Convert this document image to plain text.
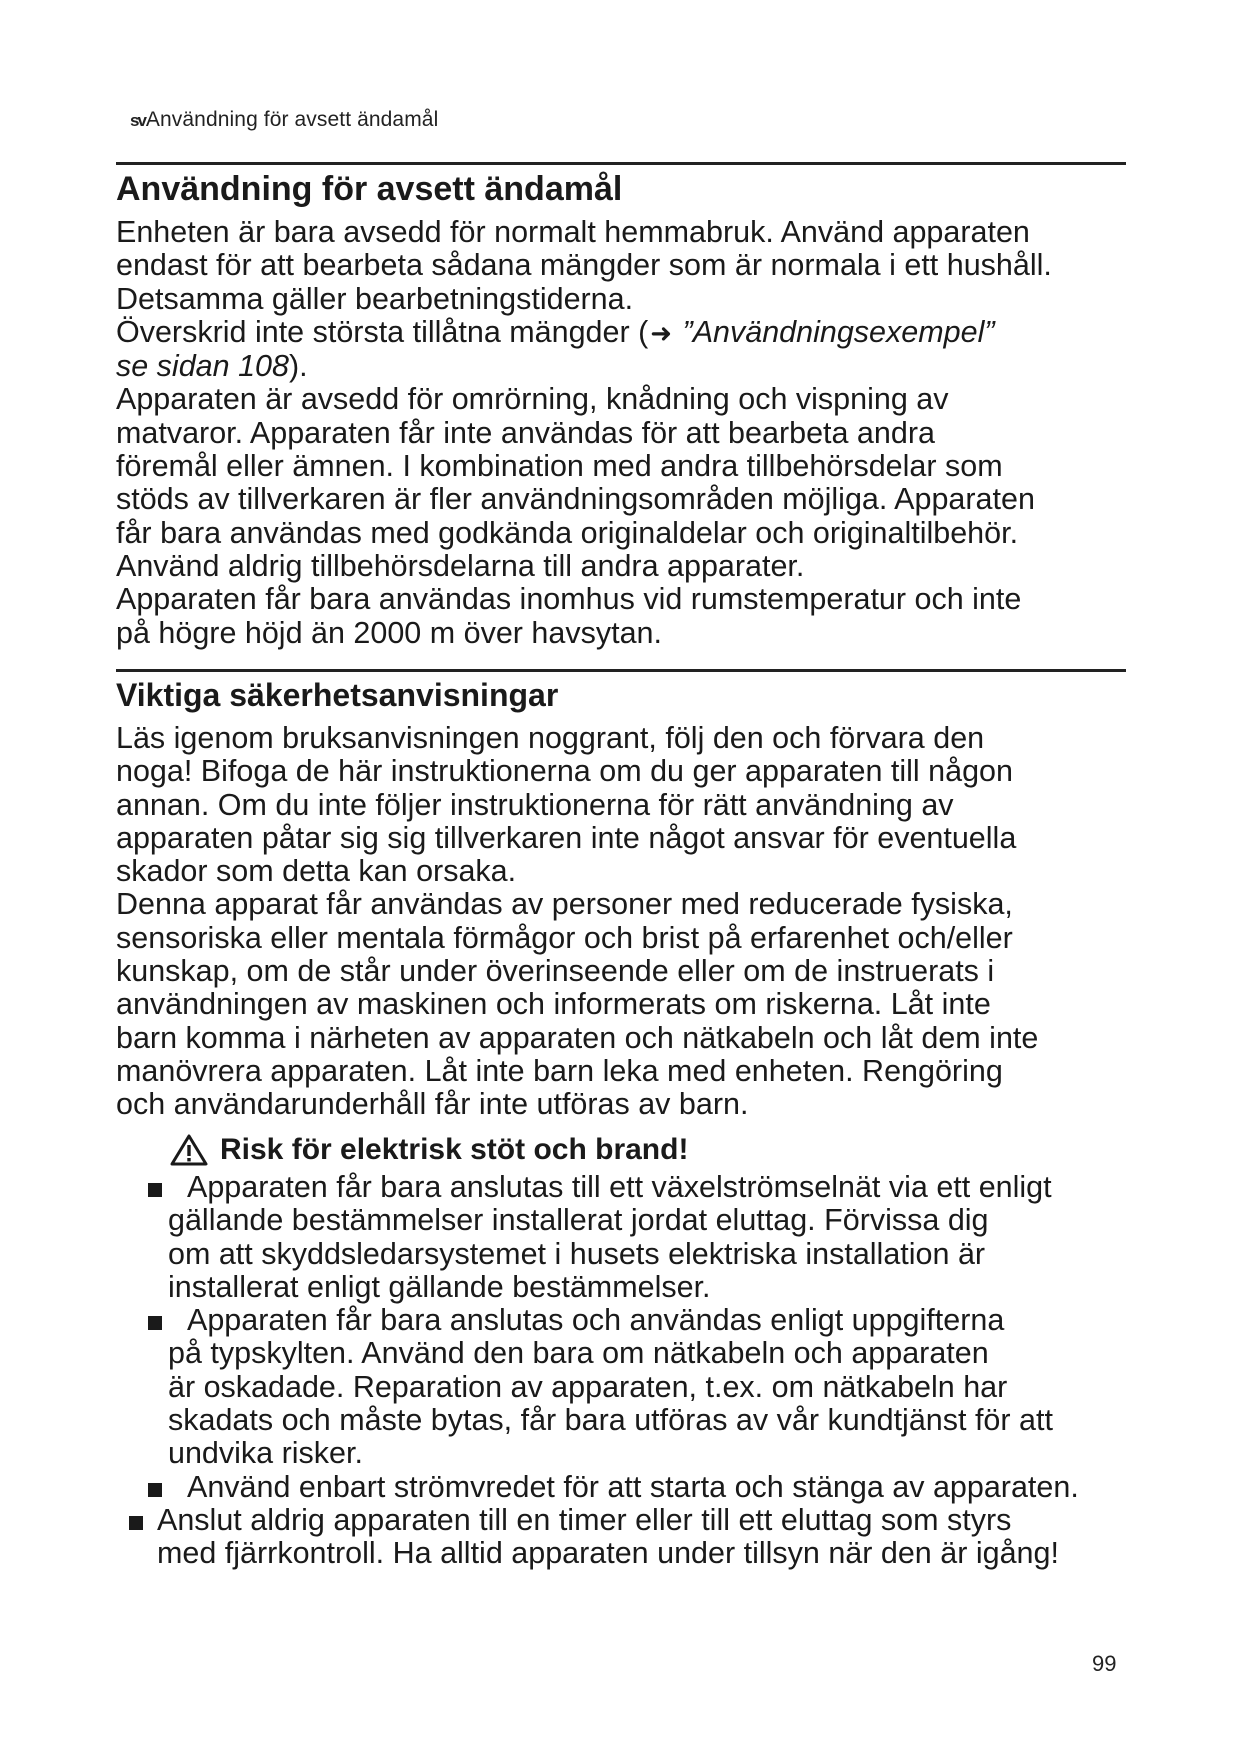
svAnvändning för avsett ändamål
Användning för avsett ändamål

Enheten är bara avsedd för normalt hemmabruk. Använd apparaten

endast för att bearbeta sådana mängder som är normala i ett hushåll.

Detsamma gäller bearbetningstiderna.

Överskrid inte största tillåtna mängder (➜ ”Användningsexempel”

se sidan 108).

Apparaten är avsedd för omrörning, knådning och vispning av

matvaror. Apparaten får inte användas för att bearbeta andra

föremål eller ämnen. I kombination med andra tillbehörsdelar som

stöds av tillverkaren är fler användningsområden möjliga. Apparaten

får bara användas med godkända originaldelar och originaltilbehör.

Använd aldrig tillbehörsdelarna till andra apparater.

Apparaten får bara användas inomhus vid rumstemperatur och inte

på högre höjd än 2000 m över havsytan.

Viktiga säkerhetsanvisningar

Läs igenom bruksanvisningen noggrant, följ den och förvara den

noga! Bifoga de här instruktionerna om du ger apparaten till någon

annan. Om du inte följer instruktionerna för rätt användning av

apparaten påtar sig sig tillverkaren inte något ansvar för eventuella

skador som detta kan orsaka.

Denna apparat får användas av personer med reducerade fysiska,

sensoriska eller mentala förmågor och brist på erfarenhet och/eller

kunskap, om de står under överinseende eller om de instruerats i

användningen av maskinen och informerats om riskerna. Låt inte

barn komma i närheten av apparaten och nätkabeln och låt dem inte

manövrera apparaten. Låt inte barn leka med enheten. Rengöring

och användarunderhåll får inte utföras av barn.

Risk för elektrisk stöt och brand!
Apparaten får bara anslutas till ett växelströmselnät via ett enligt
gällande bestämmelser installerat jordat eluttag. Förvissa dig
om att skyddsledarsystemet i husets elektriska installation är
installerat enligt gällande bestämmelser.
Apparaten får bara anslutas och användas enligt uppgifterna
på typskylten. Använd den bara om nätkabeln och apparaten
är oskadade. Reparation av apparaten, t.ex. om nätkabeln har
skadats och måste bytas, får bara utföras av vår kundtjänst för att
undvika risker.
Använd enbart strömvredet för att starta och stänga av apparaten.

Anslut aldrig apparaten till en timer eller till ett eluttag som styrs

med fjärrkontroll. Ha alltid apparaten under tillsyn när den är igång!

99
